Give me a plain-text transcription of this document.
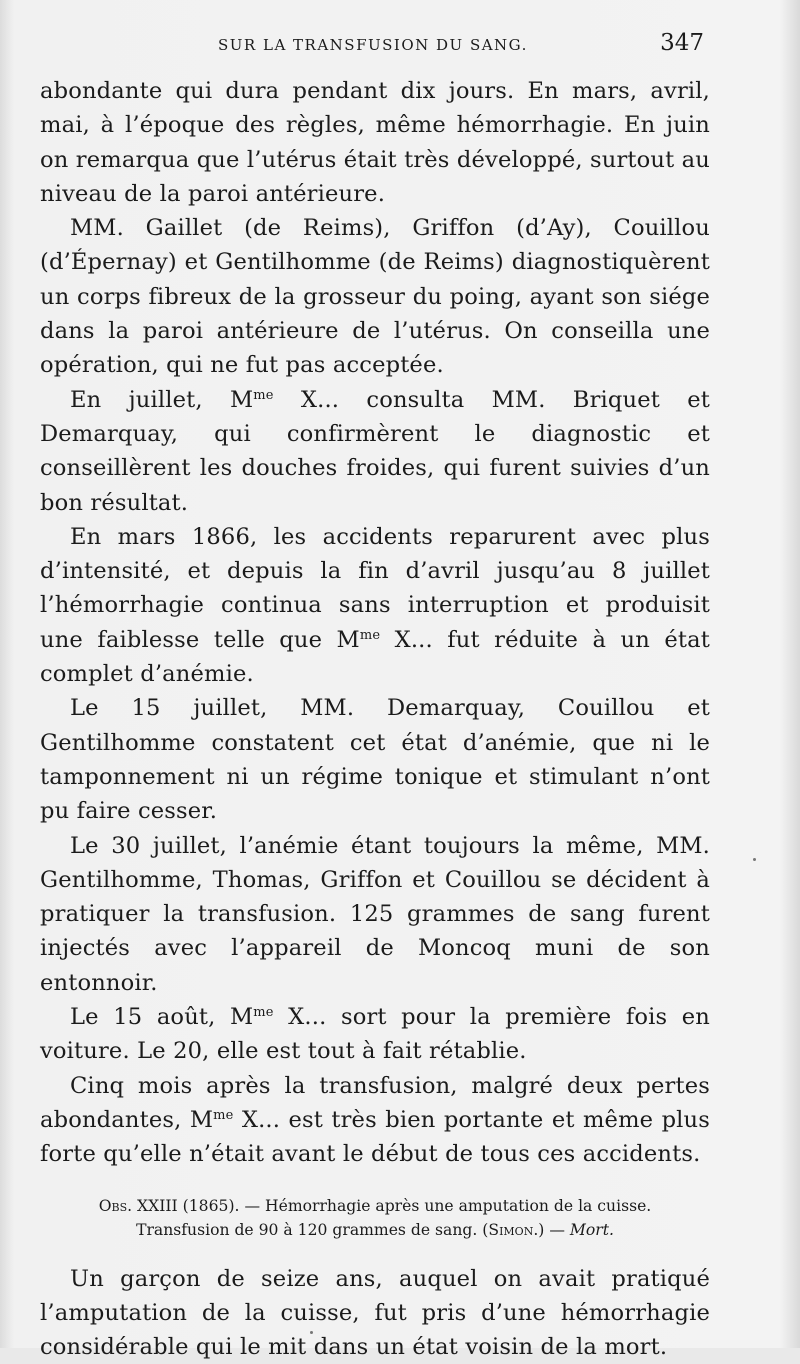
SUR LA TRANSFUSION DU SANG.	347

abondante qui dura pendant dix jours. En mars, avril, mai, à l’époque des règles, même hémorrhagie. En juin on remarqua que l’utérus était très développé, surtout au niveau de la paroi antérieure.

MM. Gaillet (de Reims), Griffon (d’Ay), Couillou (d’Épernay) et Gentilhomme (de Reims) diagnostiquèrent un corps fibreux de la grosseur du poing, ayant son siége dans la paroi antérieure de l’utérus. On conseilla une opération, qui ne fut pas acceptée.

En juillet, $M^{me}$ X... consulta MM. Briquet et Demarquay, qui confirmèrent le diagnostic et conseillèrent les douches froides, qui furent suivies d’un bon résultat.

En mars 1866, les accidents reparurent avec plus d’intensité, et depuis la fin d’avril jusqu’au 8 juillet l’hémorrhagie continua sans interruption et produisit une faiblesse telle que $M^{me}$ X... fut réduite à un état complet d’anémie.

Le 15 juillet, MM. Demarquay, Couillou et Gentilhomme constatent cet état d’anémie, que ni le tamponnement ni un régime tonique et stimulant n’ont pu faire cesser.

Le 30 juillet, l’anémie étant toujours la même, MM. Gentilhomme, Thomas, Griffon et Couillou se décident à pratiquer la transfusion. 125 grammes de sang furent injectés avec l’appareil de Moncoq muni de son entonnoir.

Le 15 août, $M^{me}$ X... sort pour la première fois en voiture. Le 20, elle est tout à fait rétablie.

Cinq mois après la transfusion, malgré deux pertes abondantes, $M^{me}$ X... est très bien portante et même plus forte qu’elle n’était avant le début de tous ces accidents.

Obs. XXIII (1865). — Hémorrhagie après une amputation de la cuisse.
Transfusion de 90 à 120 grammes de sang. (Simon.) — Mort.

Un garçon de seize ans, auquel on avait pratiqué l’amputation de la cuisse, fut pris d’une hémorrhagie considérable qui le mit dans un état voisin de la mort.
